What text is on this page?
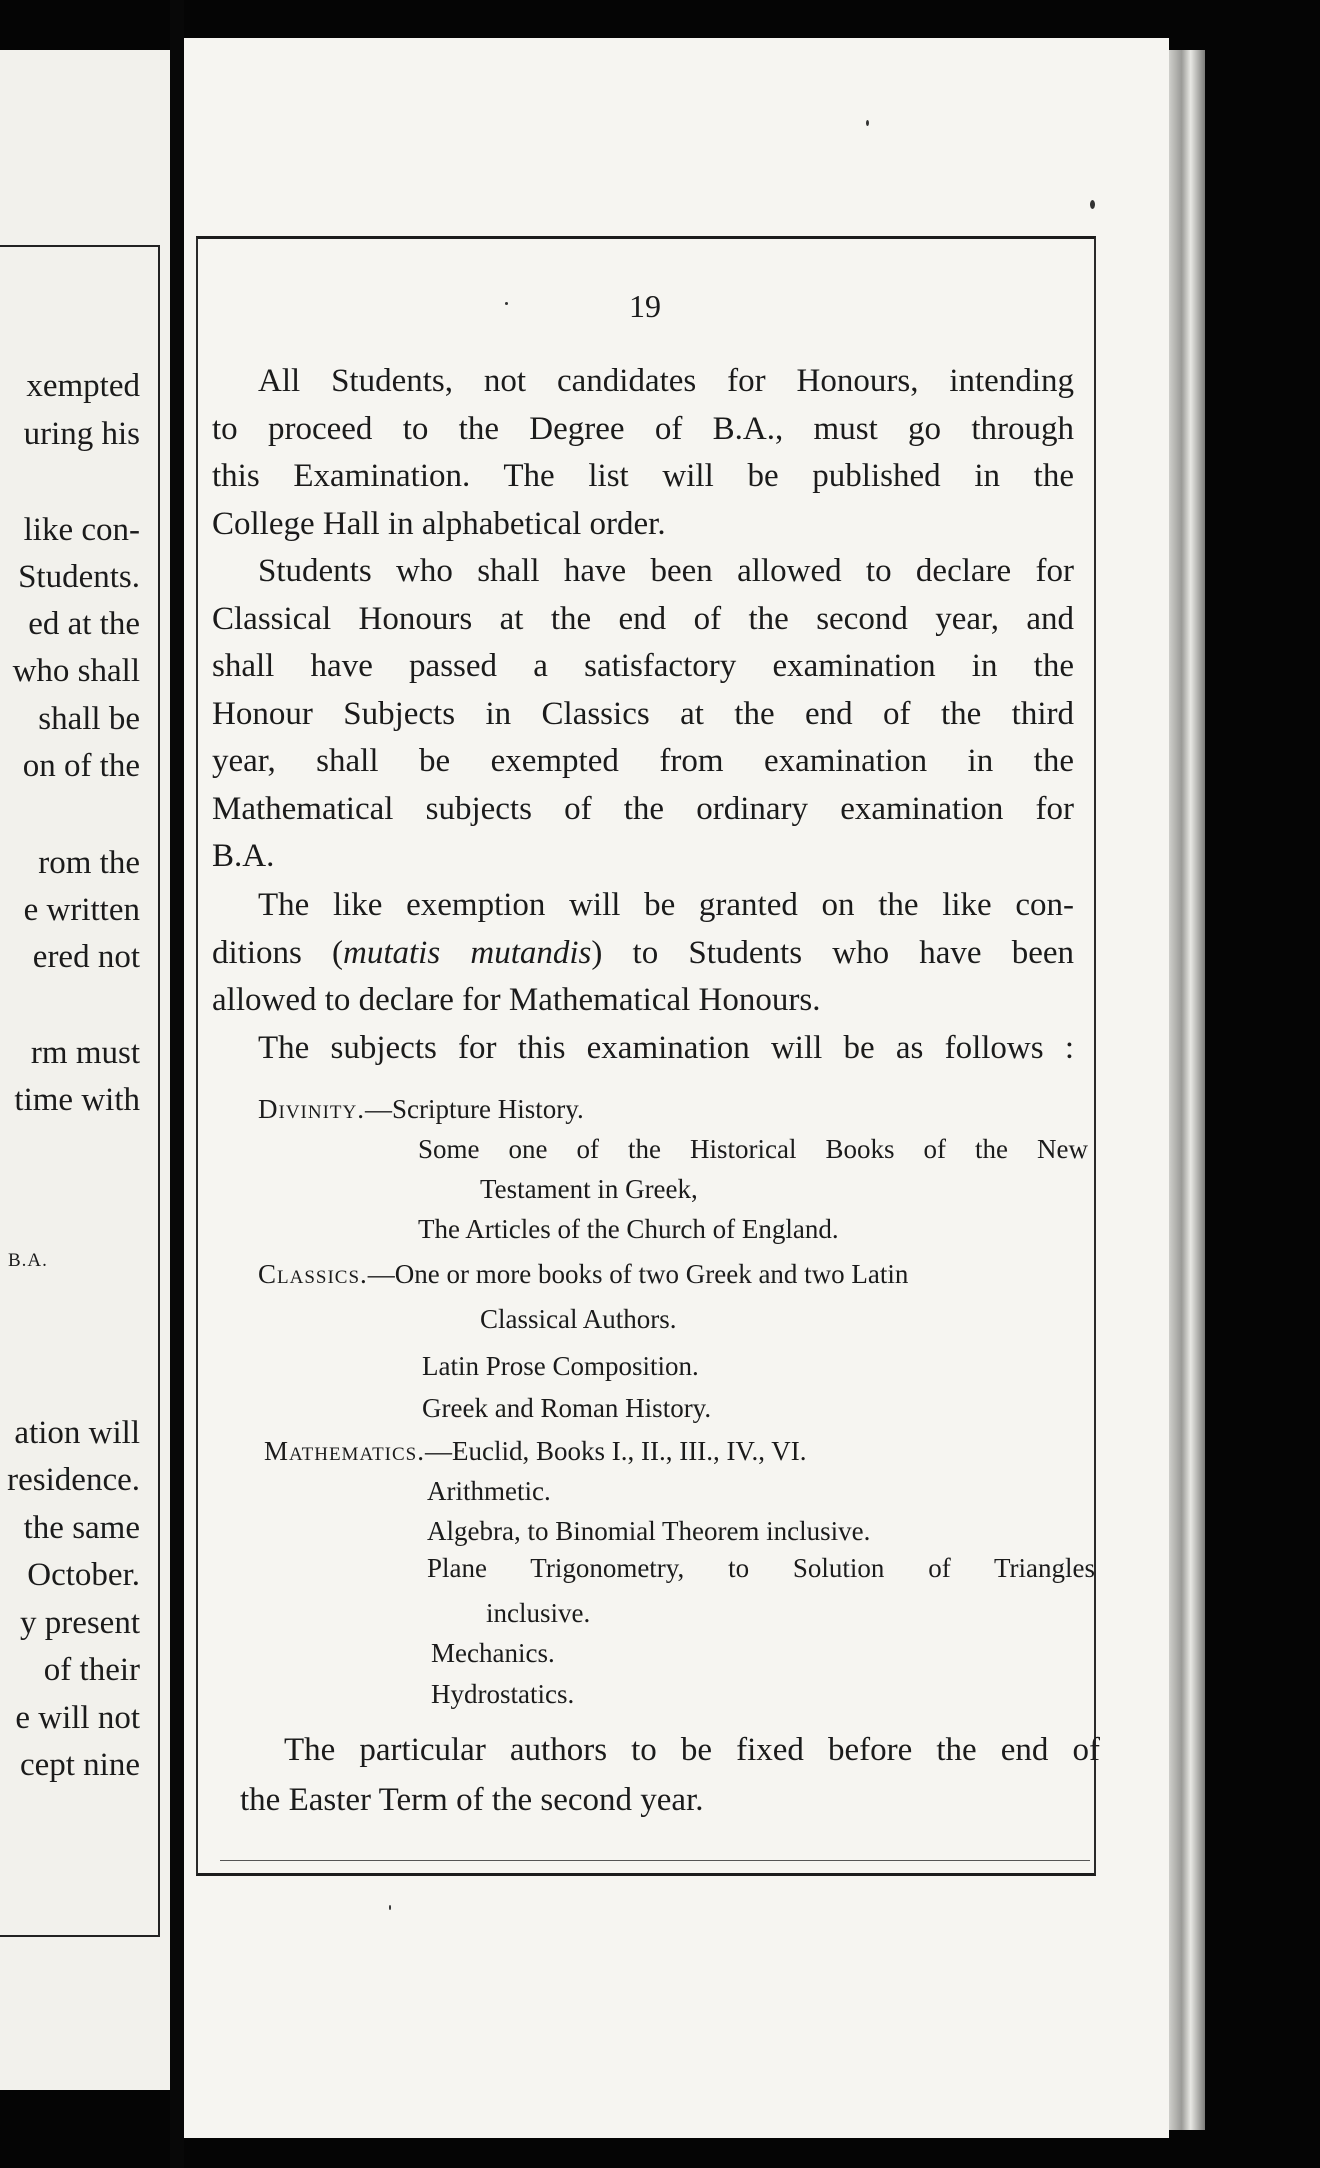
xempted
uring his
like con-
Students.
ed at the
who shall
shall be
on of the
rom the
e written
ered not
rm must
time with
B.A.
ation will
residence.
the same
October.
y present
of their
e will not
cept nine
19
All Students, not candidates for Honours, intending
to proceed to the Degree of B.A., must go through
this Examination. The list will be published in the
College Hall in alphabetical order.
Students who shall have been allowed to declare for
Classical Honours at the end of the second year, and
shall have passed a satisfactory examination in the
Honour Subjects in Classics at the end of the third
year, shall be exempted from examination in the
Mathematical subjects of the ordinary examination for
B.A.
The like exemption will be granted on the like con-
ditions (mutatis mutandis) to Students who have been
allowed to declare for Mathematical Honours.
The subjects for this examination will be as follows :
Divinity.—Scripture History.
Some one of the Historical Books of the New
Testament in Greek,
The Articles of the Church of England.
Classics.—One or more books of two Greek and two Latin
Classical Authors.
Latin Prose Composition.
Greek and Roman History.
Mathematics.—Euclid, Books I., II., III., IV., VI.
Arithmetic.
Algebra, to Binomial Theorem inclusive.
Plane Trigonometry, to Solution of Triangles
inclusive.
Mechanics.
Hydrostatics.
The particular authors to be fixed before the end of
the Easter Term of the second year.
